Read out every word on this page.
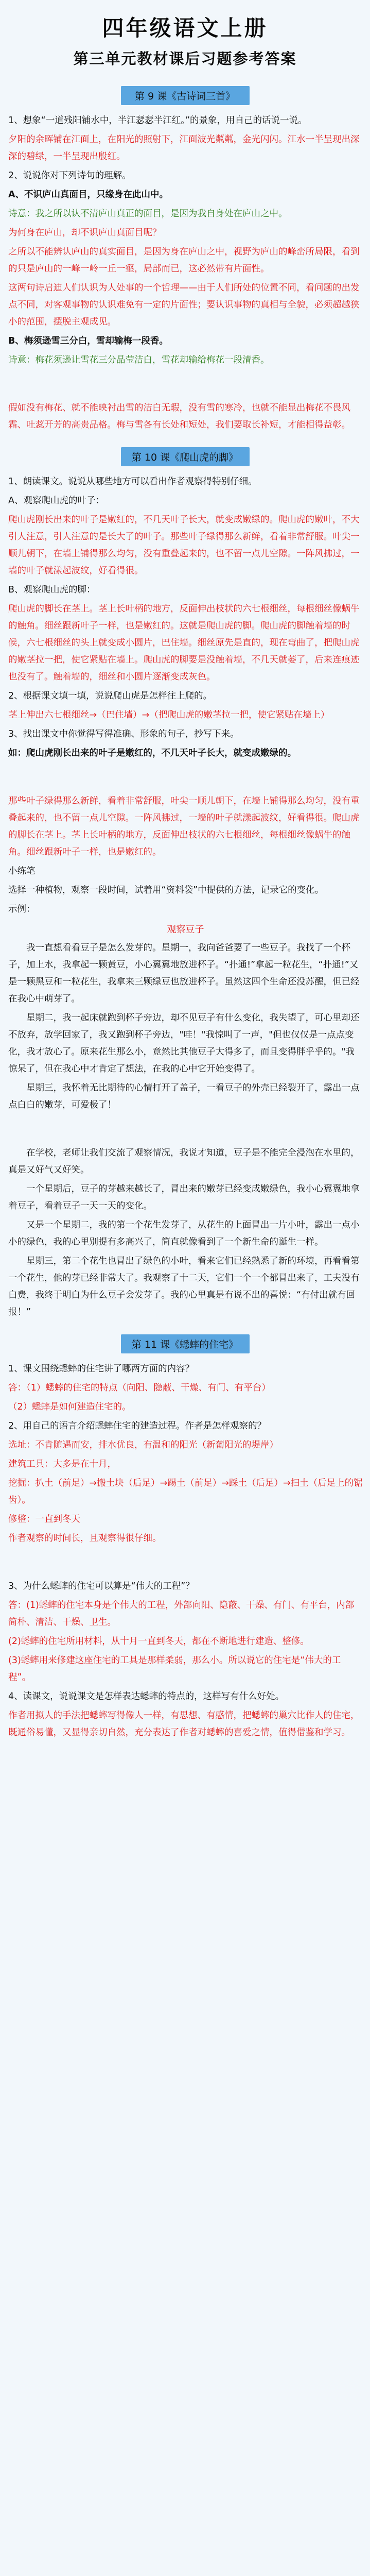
四年级语文上册
第三单元教材课后习题参考答案
第 9 课《古诗词三首》

1、想象“一道残阳铺水中，半江瑟瑟半江红。”的景象，用自己的话说一说。

夕阳的余晖铺在江面上，在阳光的照射下，江面波光粼粼，金光闪闪。江水一半呈现出深深的碧绿，一半呈现出殷红。

2、说说你对下列诗句的理解。

A、不识庐山真面目，只缘身在此山中。

诗意：我之所以认不清庐山真正的面目，是因为我自身处在庐山之中。

为何身在庐山，却不识庐山真面目呢？

之所以不能辨认庐山的真实面目，是因为身在庐山之中，视野为庐山的峰峦所局限，看到的只是庐山的一峰一岭一丘一壑，局部而已，这必然带有片面性。

这两句诗启迪人们认识为人处事的一个哲理——由于人们所处的位置不同，看问题的出发点不同，对客观事物的认识难免有一定的片面性；要认识事物的真相与全貌，必须超越狭小的范围，摆脱主观成见。

B、梅须逊雪三分白，雪却输梅一段香。

诗意：梅花须逊让雪花三分晶莹洁白，雪花却输给梅花一段清香。

假如没有梅花、就不能映衬出雪的洁白无瑕，没有雪的寒冷，也就不能显出梅花不畏风霜、吐蕊开芳的高贵品格。梅与雪各有长处和短处，我们要取长补短，才能相得益彰。

第 10 课《爬山虎的脚》

1、朗读课文。说说从哪些地方可以看出作者观察得特别仔细。

A、观察爬山虎的叶子：

爬山虎刚长出来的叶子是嫩红的，不几天叶子长大，就变成嫩绿的。爬山虎的嫩叶，不大引人注意，引人注意的是长大了的叶子。那些叶子绿得那么新鲜，看着非常舒服。叶尖一顺儿朝下，在墙上铺得那么均匀，没有重叠起来的，也不留一点儿空隙。一阵风拂过，一墙的叶子就漾起波纹，好看得很。

B、观察爬山虎的脚：

爬山虎的脚长在茎上。茎上长叶柄的地方，反面伸出枝状的六七根细丝，每根细丝像蜗牛的触角。细丝跟新叶子一样，也是嫩红的。这就是爬山虎的脚。爬山虎的脚触着墙的时候，六七根细丝的头上就变成小圆片，巴住墙。细丝原先是直的，现在弯曲了，把爬山虎的嫩茎拉一把，使它紧贴在墙上。爬山虎的脚要是没触着墙，不几天就萎了，后来连痕迹也没有了。触着墙的，细丝和小圆片逐渐变成灰色。

2、根据课文填一填，说说爬山虎是怎样往上爬的。

茎上伸出六七根细丝→（巴住墙）→（把爬山虎的嫩茎拉一把，使它紧贴在墙上）

3、找出课文中你觉得写得准确、形象的句子，抄写下来。

如：爬山虎刚长出来的叶子是嫩红的，不几天叶子长大，就变成嫩绿的。

那些叶子绿得那么新鲜，看着非常舒服，叶尖一顺儿朝下，在墙上铺得那么均匀，没有重叠起来的，也不留一点儿空隙。一阵风拂过，一墙的叶子就漾起波纹，好看得很。爬山虎的脚长在茎上。茎上长叶柄的地方，反面伸出枝状的六七根细丝，每根细丝像蜗牛的触角。细丝跟新叶子一样，也是嫩红的。

小练笔

选择一种植物，观察一段时间，试着用“资料袋”中提供的方法，记录它的变化。

示例：

观察豆子

我一直想看看豆子是怎么发芽的。星期一，我向爸爸要了一些豆子。我找了一个杯子，加上水，我拿起一颗黄豆，小心翼翼地放进杯子。“扑通!”拿起一粒花生，“扑通!”又是一颗黑豆和一粒花生，我拿来三颗绿豆也放进杯子。虽然这四个生命还没苏醒，但已经在我心中萌芽了。

星期二，我一起床就跑到杯子旁边，却不见豆子有什么变化，我失望了，可心里却还不放弃，放学回家了，我又跑到杯子旁边，"哇！"我惊叫了一声，"但也仅仅是一点点变化，我才放心了。原来花生那么小，竟然比其他豆子大得多了，而且变得胖乎乎的。"我惊呆了，但在我心中才肯定了想法，在我的心中它开始变得了。

星期三，我怀着无比期待的心情打开了盖子，一看豆子的外壳已经裂开了，露出一点点白白的嫩芽，可爱极了！

在学校，老师让我们交流了观察情况，我说才知道，豆子是不能完全浸泡在水里的，真是又好气又好笑。

一个星期后，豆子的芽越来越长了，冒出来的嫩芽已经变成嫩绿色，我小心翼翼地拿着豆子，看着豆子一天一天的变化。

又是一个星期二，我的第一个花生发芽了，从花生的上面冒出一片小叶，露出一点小小的绿色，我的心里别提有多高兴了，简直就像看到了一个新生命的诞生一样。

星期三，第二个花生也冒出了绿色的小叶，看来它们已经熟悉了新的环境，再看看第一个花生，他的芽已经非常大了。我观察了十二天，它们一个一个都冒出来了，工夫没有白费，我终于明白为什么豆子会发芽了。我的心里真是有说不出的喜悦：“有付出就有回报！”

第 11 课《蟋蟀的住宅》

1、课文围绕蟋蟀的住宅讲了哪两方面的内容？

答：（1）蟋蟀的住宅的特点（向阳、隐蔽、干燥、有门、有平台）

（2）蟋蟀是如何建造住宅的。

2、用自己的语言介绍蟋蟀住宅的建造过程。作者是怎样观察的？

选址：不肯随遇而安，排水优良，有温和的阳光（新葡阳光的堤岸）

建筑工具：大多是在十月，

挖掘：扒土（前足）→搬土块（后足）→踢土（前足）→踩土（后足）→扫土（后足上的锯齿）。

修整：一直到冬天

作者观察的时间长，且观察得很仔细。

3、为什么蟋蟀的住宅可以算是“伟大的工程”？

答：(1)蟋蟀的住宅本身是个伟大的工程，外部向阳、隐蔽、干燥、有门、有平台，内部简朴、清洁、干燥、卫生。

(2)蟋蟀的住宅所用材料，从十月一直到冬天，都在不断地进行建造、整修。

(3)蟋蟀用来修建这座住宅的工具是那样柔弱，那么小。所以说它的住宅是“伟大的工程”。

4、读课文，说说课文是怎样表达蟋蟀的特点的，这样写有什么好处。

作者用拟人的手法把蟋蟀写得像人一样，有思想、有感情，把蟋蟀的巢穴比作人的住宅，既通俗易懂，又显得亲切自然，充分表达了作者对蟋蟀的喜爱之情，值得借鉴和学习。
